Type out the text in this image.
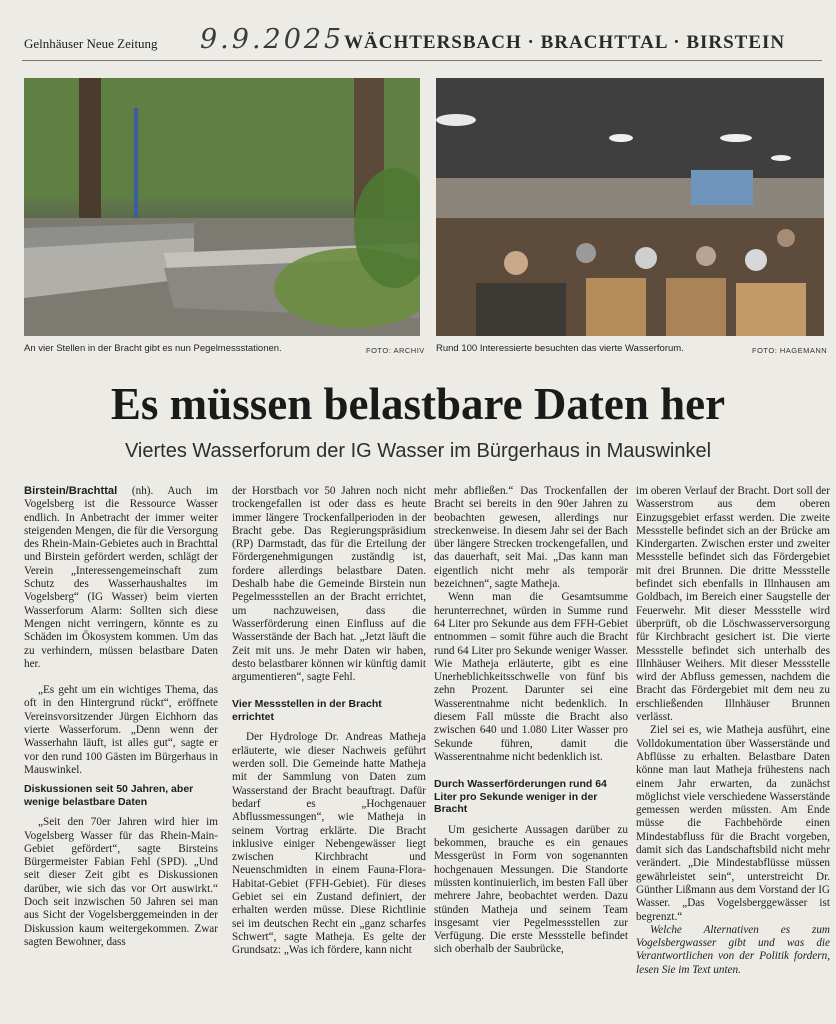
Gelnhäuser Neue Zeitung 9.9.2025 WÄCHTERSBACH · BRACHTTAL · BIRSTEIN
An vier Stellen in der Bracht gibt es nun Pegelmessstationen.	FOTO: ARCHIV Rund 100 Interessierte besuchten das vierte Wasserforum.	FOTO: HAGEMANN
Es müssen belastbare Daten her
Viertes Wasserforum der IG Wasser im Bürgerhaus in Mauswinkel

Birstein/Brachttal (nh). Auch im Vogelsberg ist die Ressource Wasser endlich. In Anbetracht der immer weiter steigenden Mengen, die für die Versorgung des Rhein-Main-Gebietes auch in Brachttal und Birstein gefördert werden, schlägt der Verein „Interessengemeinschaft zum Schutz des Wasserhaushaltes im Vogelsberg“ (IG Wasser) beim vierten Wasserforum Alarm: Sollten sich diese Mengen nicht verringern, könnte es zu Schäden im Ökosystem kommen. Um das zu verhindern, müssen belastbare Daten her.

„Es geht um ein wichtiges Thema, das oft in den Hintergrund rückt“, eröffnete Vereinsvorsitzender Jürgen Eichhorn das vierte Wasserforum. „Denn wenn der Wasserhahn läuft, ist alles gut“, sagte er vor den rund 100 Gästen im Bürgerhaus in Mauswinkel.

Diskussionen seit 50 Jahren, aber wenige belastbare Daten

„Seit den 70er Jahren wird hier im Vogelsberg Wasser für das Rhein-Main-Gebiet gefördert“, sagte Birsteins Bürgermeister Fabian Fehl (SPD). „Und seit dieser Zeit gibt es Diskussionen darüber, wie sich das vor Ort auswirkt.“ Doch seit inzwischen 50 Jahren sei man aus Sicht der Vogelsberggemeinden in der Diskussion kaum weitergekommen. Zwar sagten Bewohner, dass

der Horstbach vor 50 Jahren noch nicht trockengefallen ist oder dass es heute immer längere Trockenfallperioden in der Bracht gebe. Das Regierungspräsidium (RP) Darmstadt, das für die Erteilung der Fördergenehmigungen zuständig ist, fordere allerdings belastbare Daten. Deshalb habe die Gemeinde Birstein nun Pegelmessstellen an der Bracht errichtet, um nachzuweisen, dass die Wasserförderung einen Einfluss auf die Wasserstände der Bach hat. „Jetzt läuft die Zeit mit uns. Je mehr Daten wir haben, desto belastbarer können wir künftig damit argumentieren“, sagte Fehl.

Vier Messstellen in der Bracht errichtet

Der Hydrologe Dr. Andreas Matheja erläuterte, wie dieser Nachweis geführt werden soll. Die Gemeinde hatte Matheja mit der Sammlung von Daten zum Wasserstand der Bracht beauftragt. Dafür bedarf es „Hochgenauer Abflussmessungen“, wie Matheja in seinem Vortrag erklärte. Die Bracht inklusive einiger Nebengewässer liegt zwischen Kirchbracht und Neuenschmidten in einem Fauna-Flora-Habitat-Gebiet (FFH-Gebiet). Für dieses Gebiet sei ein Zustand definiert, der erhalten werden müsse. Diese Richtlinie sei im deutschen Recht ein „ganz scharfes Schwert“, sagte Matheja. Es gelte der Grundsatz: „Was ich fördere, kann nicht

mehr abfließen.“ Das Trockenfallen der Bracht sei bereits in den 90er Jahren zu beobachten gewesen, allerdings nur streckenweise. In diesem Jahr sei der Bach über längere Strecken trockengefallen, und das dauerhaft, seit Mai. „Das kann man eigentlich nicht mehr als temporär bezeichnen“, sagte Matheja.

Wenn man die Gesamtsumme herunterrechnet, würden in Summe rund 64 Liter pro Sekunde aus dem FFH-Gebiet entnommen – somit führe auch die Bracht rund 64 Liter pro Sekunde weniger Wasser. Wie Matheja erläuterte, gibt es eine Unerheblichkeitsschwelle von fünf bis zehn Prozent. Darunter sei eine Wasserentnahme nicht bedenklich. In diesem Fall müsste die Bracht also zwischen 640 und 1.080 Liter Wasser pro Sekunde führen, damit die Wasserentnahme nicht bedenklich ist.

Durch Wasserförderungen rund 64 Liter pro Sekunde weniger in der Bracht

Um gesicherte Aussagen darüber zu bekommen, brauche es ein genaues Messgerüst in Form von sogenannten hochgenauen Messungen. Die Standorte müssten kontinuierlich, im besten Fall über mehrere Jahre, beobachtet werden. Dazu stünden Matheja und seinem Team insgesamt vier Pegelmessstellen zur Verfügung. Die erste Messstelle befindet sich oberhalb der Saubrücke,

im oberen Verlauf der Bracht. Dort soll der Wasserstrom aus dem oberen Einzugsgebiet erfasst werden. Die zweite Messstelle befindet sich an der Brücke am Kindergarten. Zwischen erster und zweiter Messstelle befindet sich das Fördergebiet mit drei Brunnen. Die dritte Messstelle befindet sich ebenfalls in Illnhausen am Goldbach, im Bereich einer Saugstelle der Feuerwehr. Mit dieser Messstelle wird überprüft, ob die Löschwasserversorgung für Kirchbracht gesichert ist. Die vierte Messstelle befindet sich unterhalb des Illnhäuser Weihers. Mit dieser Messstelle wird der Abfluss gemessen, nachdem die Bracht das Fördergebiet mit dem neu zu erschließenden Illnhäuser Brunnen verlässt.

Ziel sei es, wie Matheja ausführt, eine Volldokumentation über Wasserstände und Abflüsse zu erhalten. Belastbare Daten könne man laut Matheja frühestens nach einem Jahr erwarten, da zunächst möglichst viele verschiedene Wasserstände gemessen werden müssten. Am Ende müsse die Fachbehörde einen Mindestabfluss für die Bracht vorgeben, damit sich das Landschaftsbild nicht mehr verändert. „Die Mindestabflüsse müssen gewährleistet sein“, unterstreicht Dr. Günther Lißmann aus dem Vorstand der IG Wasser. „Das Vogelsberggewässer ist begrenzt.“

Welche Alternativen es zum Vogelsbergwasser gibt und was die Verantwortlichen von der Politik fordern, lesen Sie im Text unten.
